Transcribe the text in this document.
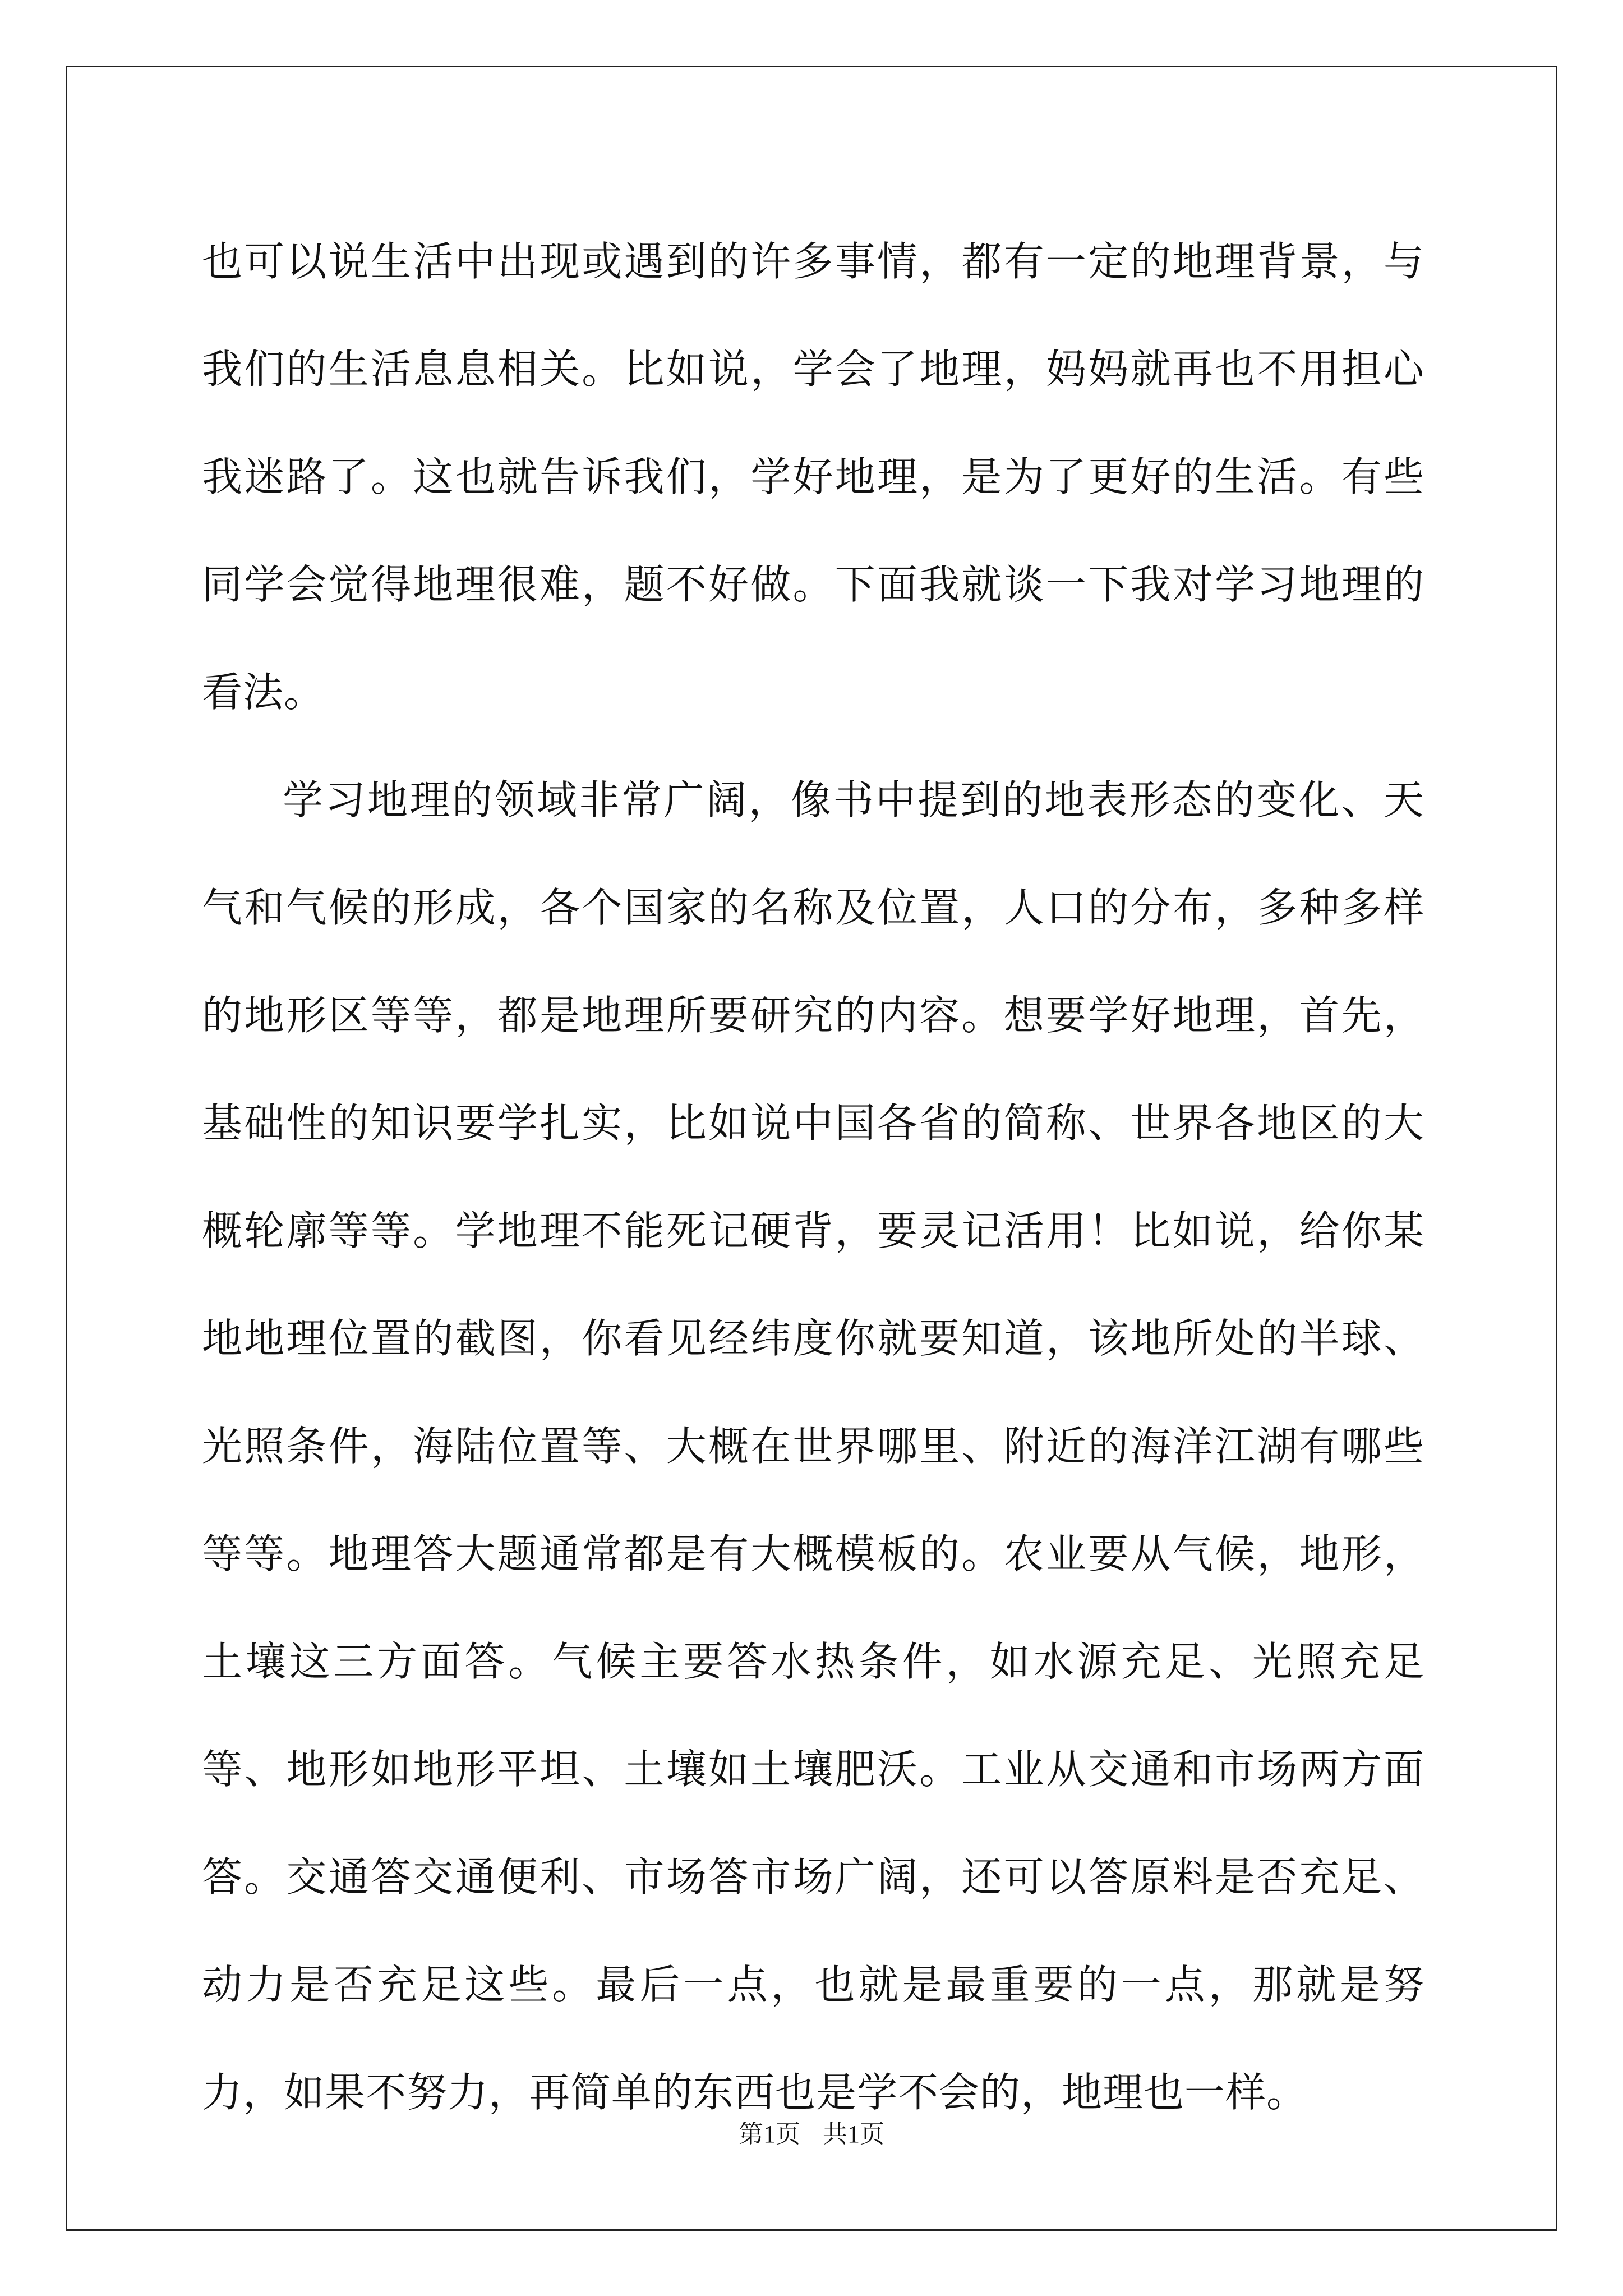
也可以说生活中出现或遇到的许多事情，都有一定的地理背景，与我们的生活息息相关。比如说，学会了地理，妈妈就再也不用担心我迷路了。这也就告诉我们，学好地理，是为了更好的生活。有些同学会觉得地理很难，题不好做。下面我就谈一下我对学习地理的看法。

学习地理的领域非常广阔，像书中提到的地表形态的变化、天气和气候的形成，各个国家的名称及位置，人口的分布，多种多样的地形区等等，都是地理所要研究的内容。想要学好地理，首先，基础性的知识要学扎实，比如说中国各省的简称、世界各地区的大概轮廓等等。学地理不能死记硬背，要灵记活用！比如说，给你某地地理位置的截图，你看见经纬度你就要知道，该地所处的半球、光照条件，海陆位置等、大概在世界哪里、附近的海洋江湖有哪些等等。地理答大题通常都是有大概模板的。农业要从气候，地形，土壤这三方面答。气候主要答水热条件，如水源充足、光照充足等、地形如地形平坦、土壤如土壤肥沃。工业从交通和市场两方面答。交通答交通便利、市场答市场广阔，还可以答原料是否充足、动力是否充足这些。最后一点，也就是最重要的一点，那就是努力，如果不努力，再简单的东西也是学不会的，地理也一样。

第1页 共1页
